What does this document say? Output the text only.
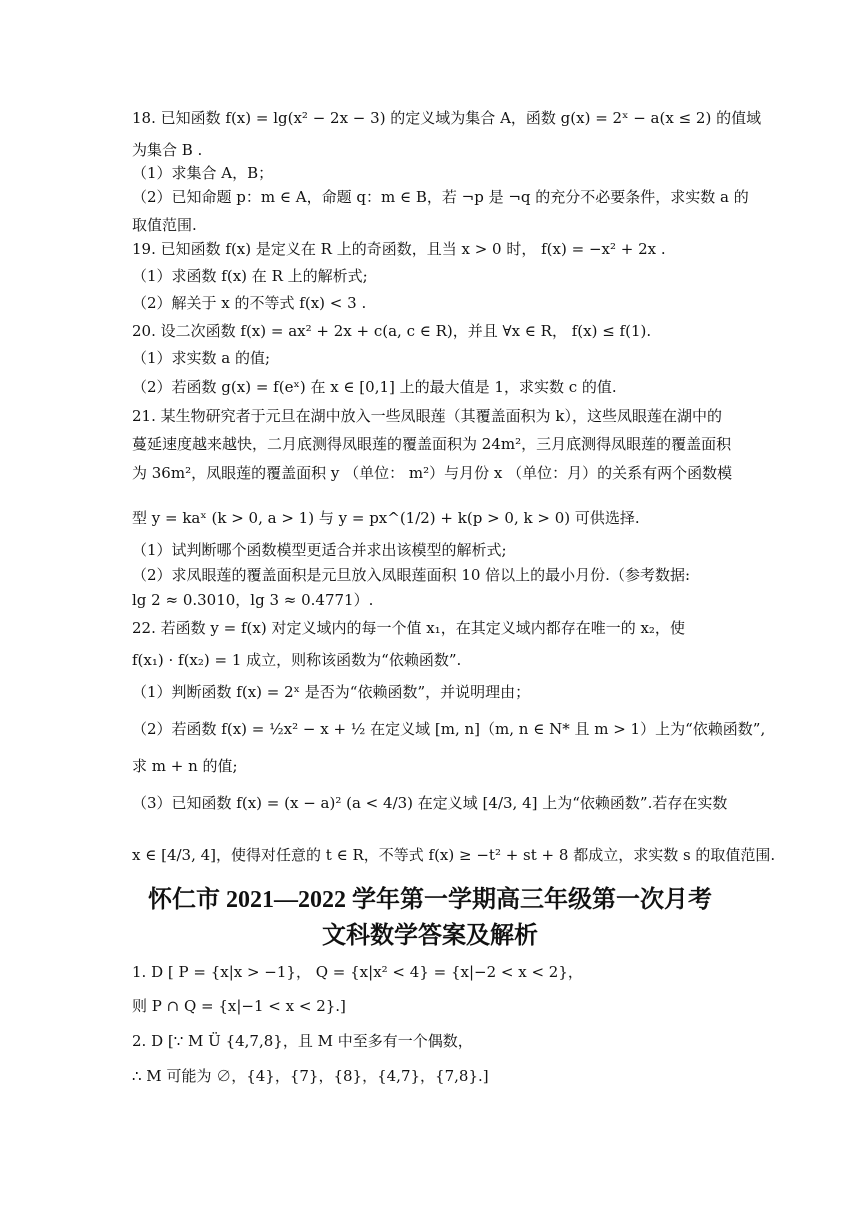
18. 已知函数 f(x) = lg(x² − 2x − 3) 的定义域为集合 A，函数 g(x) = 2ˣ − a(x ≤ 2) 的值域
为集合 B .
（1）求集合 A，B；
（2）已知命题 p：m ∈ A，命题 q：m ∈ B，若 ¬p 是 ¬q 的充分不必要条件，求实数 a 的
取值范围.
19. 已知函数 f(x) 是定义在 R 上的奇函数，且当 x > 0 时， f(x) = −x² + 2x .
（1）求函数 f(x) 在 R 上的解析式;
（2）解关于 x 的不等式 f(x) < 3 .
20. 设二次函数 f(x) = ax² + 2x + c(a, c ∈ R)，并且 ∀x ∈ R， f(x) ≤ f(1).
（1）求实数 a 的值;
（2）若函数 g(x) = f(eˣ) 在 x ∈ [0,1] 上的最大值是 1，求实数 c 的值.
21. 某生物研究者于元旦在湖中放入一些凤眼莲（其覆盖面积为 k），这些凤眼莲在湖中的
蔓延速度越来越快，二月底测得凤眼莲的覆盖面积为 24m²，三月底测得凤眼莲的覆盖面积
为 36m²，凤眼莲的覆盖面积 y （单位： m²）与月份 x （单位：月）的关系有两个函数模
型 y = kaˣ (k > 0, a > 1) 与 y = px^(1/2) + k(p > 0, k > 0) 可供选择.
（1）试判断哪个函数模型更适合并求出该模型的解析式;
（2）求凤眼莲的覆盖面积是元旦放入凤眼莲面积 10 倍以上的最小月份.（参考数据:
lg 2 ≈ 0.3010，lg 3 ≈ 0.4771）.
22. 若函数 y = f(x) 对定义域内的每一个值 x₁，在其定义域内都存在唯一的 x₂，使
f(x₁) · f(x₂) = 1 成立，则称该函数为“依赖函数”.
（1）判断函数 f(x) = 2ˣ 是否为“依赖函数”，并说明理由；
（2）若函数 f(x) = ½x² − x + ½ 在定义域 [m, n]（m, n ∈ N* 且 m > 1）上为“依赖函数”,
求 m + n 的值;
（3）已知函数 f(x) = (x − a)² (a < 4/3) 在定义域 [4/3, 4] 上为“依赖函数”.若存在实数
x ∈ [4/3, 4]，使得对任意的 t ∈ R，不等式 f(x) ≥ −t² + st + 8 都成立，求实数 s 的取值范围.
怀仁市 2021—2022 学年第一学期高三年级第一次月考
文科数学答案及解析
1. D [ P = {x|x > −1}， Q = {x|x² < 4} = {x|−2 < x < 2}，
则 P ∩ Q = {x|−1 < x < 2}.]
2. D [∵ M Ü {4,7,8}，且 M 中至多有一个偶数，
∴ M 可能为 ∅，{4}，{7}，{8}，{4,7}，{7,8}.]
